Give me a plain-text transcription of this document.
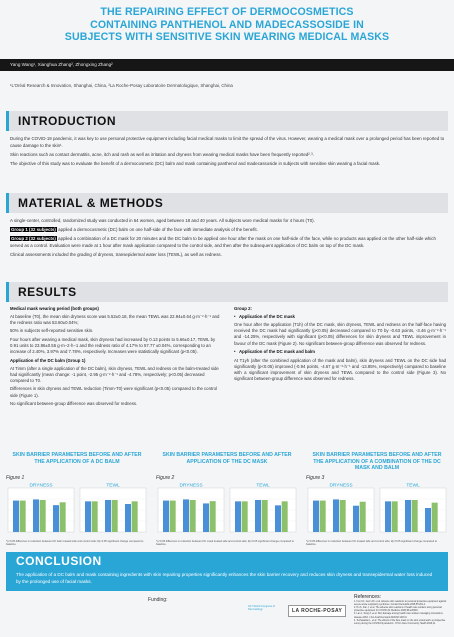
THE REPAIRING EFFECT OF DERMOCOSMETICS
CONTAINING PANTHENOL AND MADECASSOSIDE IN
SUBJECTS WITH SENSITIVE SKIN WEARING MEDICAL MASKS
Yang Wang¹, Xianghua Zhang², Zhongxing Zhang²
¹L’Oréal Research & Innovation, Shanghai, China, ²La Roche-Posay Laboratoire Dermatologique, Shanghai, China
INTRODUCTION

During the COVID-19 pandemic, it was key to use personal protective equipment including facial medical masks to limit the spread of the virus. However, wearing a medical mask over a prolonged period has been reported to cause damage to the skin¹.

Skin reactions such as contact dermatitis, acne, itch and rash as well as irritation and dryness from wearing medical masks have been frequently reported²˒³.

The objective of this study was to evaluate the benefit of a dermocosmetic (DC) balm and mask containing panthenol and madecassoside in subjects with sensitive skin wearing a facial mask.

MATERIAL & METHODS

A single-center, controlled, randomized study was conducted in 64 women, aged between 18 and 40 years. All subjects wore medical masks for 4 hours (T0).

Group 1 (32 subjects) applied a dermocosmetic (DC) balm on one half-side of the face with immediate analysis of the benefit.

Group 2 (32 subjects) applied a combination of a DC mask for 20 minutes and the DC balm to be applied one hour after the mask on one half-side of the face, while no products was applied on the other half-side which served as a control. Evaluation were made at 1 hour after mask application compared to the control side, and then after the subsequent application of DC balm on top of the DC mask.

Clinical assessments included the grading of dryness, transepidermal water loss (TEWL), as well as redness.

RESULTS

Medical mask wearing period (both groups)

At baseline (T0), the mean skin dryness score was 5.52±0.18, the mean TEWL was 22.94±0.64 g·m⁻²·h⁻¹ and the redness ratio was 53.60±0.04%;

50% in subjects self-reported sensitive skin.

Four hours after wearing a medical mask, skin dryness had increased by 0.13 points to 5.66±0.17, TEWL by 0.91 units to 23.86±0.55 g·m−2·h−1 and the redness ratio of 4.17% to 57.77 ±0.04%, corresponding to an increase of 2.40%, 3.97% and 7.78%, respectively. Increases were statistically significant (p<0.05).

Application of the DC balm (Group 1)

At Timm (after a single application of the DC balm), skin dryness, TEWL and redness on the balm-treated side had significantly (mean change: -1 point, -2.95 g·m⁻²·h⁻¹ and -4.78%, respectively; p<0.05) decreased compared to T0.

Differences in skin dryness and TEWL reduction (Timm-T0) were significant (p<0.05) compared to the control side (Figure 1).

No significant between-group difference was observed for redness.

Group 2:

• Application of the DC mask

One hour after the application (T1h) of the DC mask, skin dryness, TEWL and redness on the half-face having received the DC mask had significantly (p<0.05) decreased compared to T0 by -0.63 points, -3.46 g·m⁻²·h⁻¹ and -14.25%, respectively with significant (p<0.05) differences for skin dryness and TEWL improvement in favour of the DC mask (Figure 2). No significant between-group difference was observed for redness.

• Application of the DC mask and balm

At T1yh (after the combined application of the mask and balm), skin dryness and TEWL on the DC side had significantly (p<0.05) improved (-0.94 points, -4.67 g·m⁻²·h⁻¹ and -13.85%, respectively) compared to baseline with a significant improvement of skin dryness and TEWL compared to the control side (Figure 3). No significant between-group difference was observed for redness.

SKIN BARRIER PARAMETERS BEFORE AND AFTER THE APPLICATION OF A DC BALM
Figure 1
DRYNESS	TEWL
*p<0.05 difference in reduction between DC balm treated side and control side; #p<0.05 significant change compared to baseline.
SKIN BARRIER PARAMETERS BEFORE AND AFTER APPLICATION OF THE DC MASK
Figure 2
DRYNESS	TEWL
*p<0.05 difference in reduction between DC mask treated side and control side; #p<0.05 significant change compared to baseline.
SKIN BARRIER PARAMETERS BEFORE AND AFTER THE APPLICATION OF A COMBINATION OF THE DC MASK AND BALM
Figure 3
DRYNESS	TEWL
*p<0.05 difference in reduction between DC treated side and control side; #p<0.05 significant change compared to baseline.
CONCLUSION
The application of a DC balm and mask containing ingredients with skin repairing properties significantly enhances the skin barrier recovery and reduces skin dryness and transepidermal water loss induced by the prolonged use of facial masks.
Funding:
32ⁿᵈ World Congress of Dermatology	LA ROCHE-POSAY
References:
1. Foo CC, Goon AT, et al. Adverse skin reactions to personal protective equipment against severe acute respiratory syndrome. Contact Dermatitis 2006;55:291-4.
2. Hu K, Fan J, et al. The adverse skin reactions of health care workers using personal protective equipment for COVID-19. Medicine 2020;99:e20603.
3. Lan J, Song Z, et al. Skin damage among health care workers managing coronavirus disease-2019. J Am Acad Dermatol 2020;82:1215-6.
4. Techasatian L, et al. The effects of the face mask on the skin underneath: a prospective survey during the COVID-19 pandemic. J Prim Care Community Health 2020;11.
